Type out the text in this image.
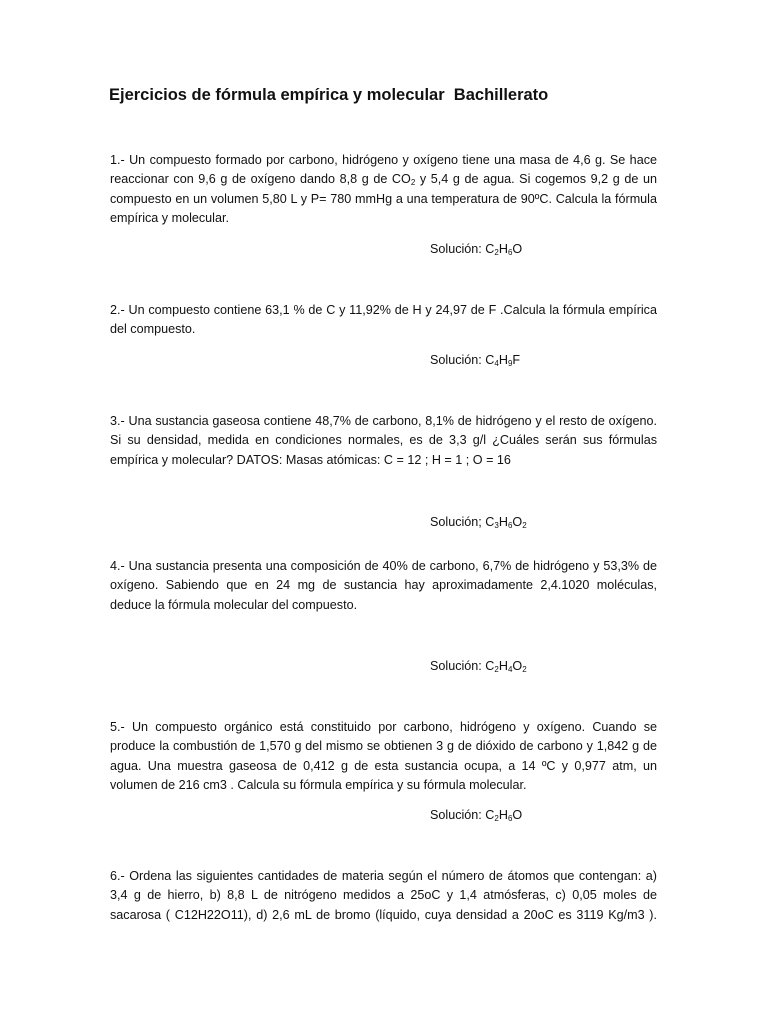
Ejercicios de fórmula empírica y molecular  Bachillerato

1.- Un compuesto formado por carbono, hidrógeno y oxígeno tiene una masa de 4,6 g. Se hace reaccionar con 9,6 g de oxígeno dando 8,8 g de $CO_2$ y 5,4 g de agua. Si cogemos 9,2 g de un compuesto en un volumen 5,80 L y P= 780 mmHg a una temperatura de 90ºC. Calcula la fórmula empírica y molecular.

Solución: $C_2H_6O$

2.- Un compuesto contiene 63,1 % de C y 11,92% de H y 24,97 de F .Calcula la fórmula empírica del compuesto.

Solución: $C_4H_9F$

3.- Una sustancia gaseosa contiene 48,7% de carbono, 8,1% de hidrógeno y el resto de oxígeno. Si su densidad, medida en condiciones normales, es de 3,3 g/l ¿Cuáles serán sus fórmulas empírica y molecular? DATOS: Masas atómicas: C = 12 ; H = 1 ; O = 16

Solución; $C_3H_6O_2$

4.- Una sustancia presenta una composición de 40% de carbono, 6,7% de hidrógeno y 53,3% de oxígeno. Sabiendo que en 24 mg de sustancia hay aproximadamente 2,4.1020 moléculas, deduce la fórmula molecular del compuesto.

Solución: $C_2H_4O_2$

5.- Un compuesto orgánico está constituido por carbono, hidrógeno y oxígeno. Cuando se produce la combustión de 1,570 g del mismo se obtienen 3 g de dióxido de carbono y 1,842 g de agua. Una muestra gaseosa de 0,412 g de esta sustancia ocupa, a 14 ºC y 0,977 atm, un volumen de 216 cm3 . Calcula su fórmula empírica y su fórmula molecular.

Solución: $C_2H_6O$

6.- Ordena las siguientes cantidades de materia según el número de átomos que contengan: a) 3,4 g de hierro, b) 8,8 L de nitrógeno medidos a 25oC y 1,4 atmósferas, c) 0,05 moles de sacarosa ( C12H22O11), d) 2,6 mL de bromo (líquido, cuya densidad a 20oC es 3119 Kg/m3 ).
